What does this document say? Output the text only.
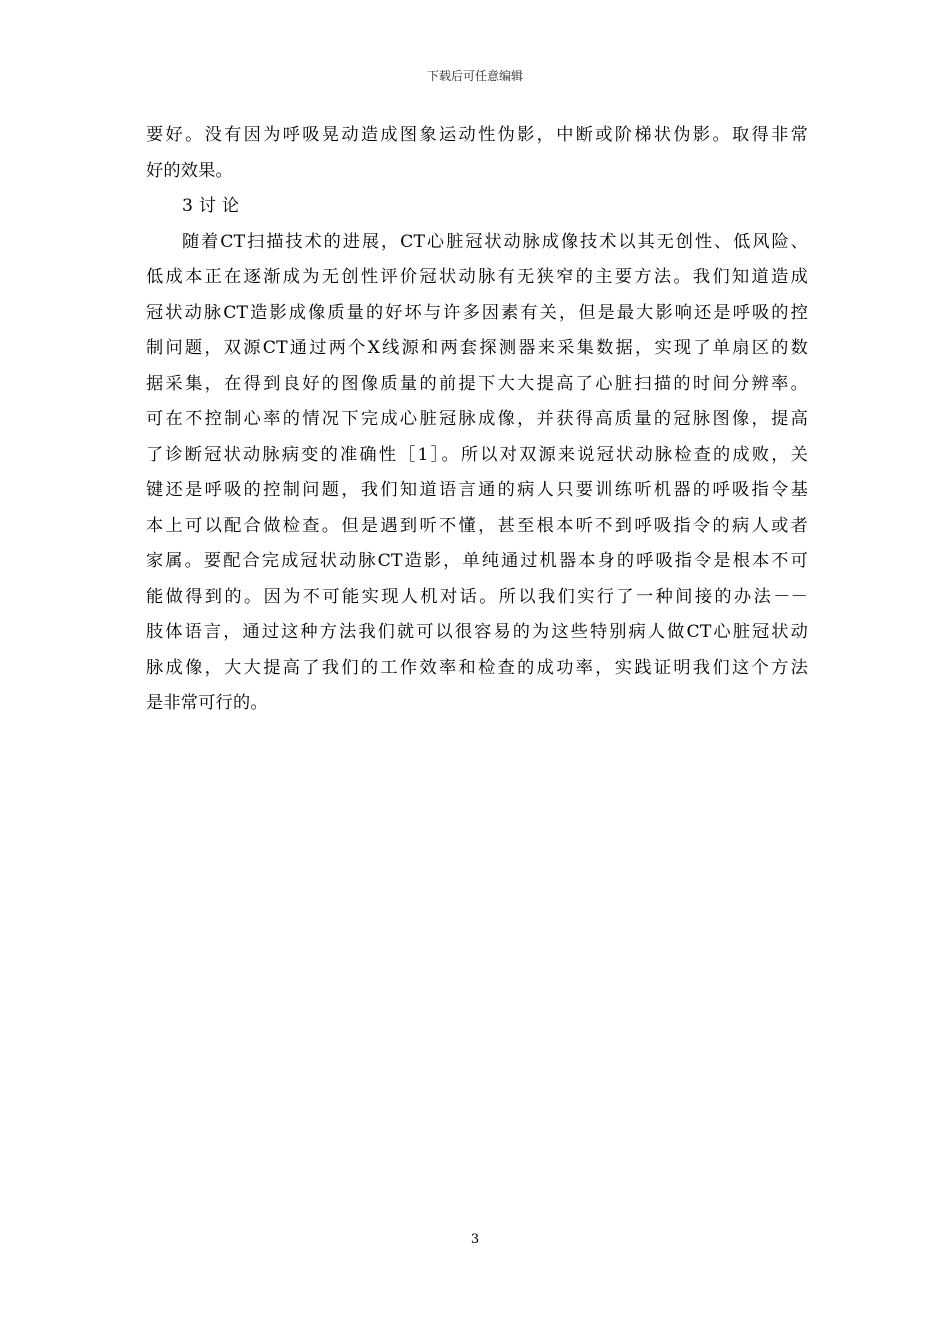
下载后可任意编辑
要好。没有因为呼吸晃动造成图象运动性伪影，中断或阶梯状伪影。取得非常
好的效果。
3 讨 论
随着CT扫描技术的进展，CT心脏冠状动脉成像技术以其无创性、低风险、
低成本正在逐渐成为无创性评价冠状动脉有无狭窄的主要方法。我们知道造成
冠状动脉CT造影成像质量的好坏与许多因素有关，但是最大影响还是呼吸的控
制问题，双源CT通过两个X线源和两套探测器来采集数据，实现了单扇区的数
据采集，在得到良好的图像质量的前提下大大提高了心脏扫描的时间分辨率。
可在不控制心率的情况下完成心脏冠脉成像，并获得高质量的冠脉图像，提高
了诊断冠状动脉病变的准确性［1］。所以对双源来说冠状动脉检查的成败，关
键还是呼吸的控制问题，我们知道语言通的病人只要训练听机器的呼吸指令基
本上可以配合做检查。但是遇到听不懂，甚至根本听不到呼吸指令的病人或者
家属。要配合完成冠状动脉CT造影，单纯通过机器本身的呼吸指令是根本不可
能做得到的。因为不可能实现人机对话。所以我们实行了一种间接的办法－－
肢体语言，通过这种方法我们就可以很容易的为这些特别病人做CT心脏冠状动
脉成像，大大提高了我们的工作效率和检查的成功率，实践证明我们这个方法
是非常可行的。
3
